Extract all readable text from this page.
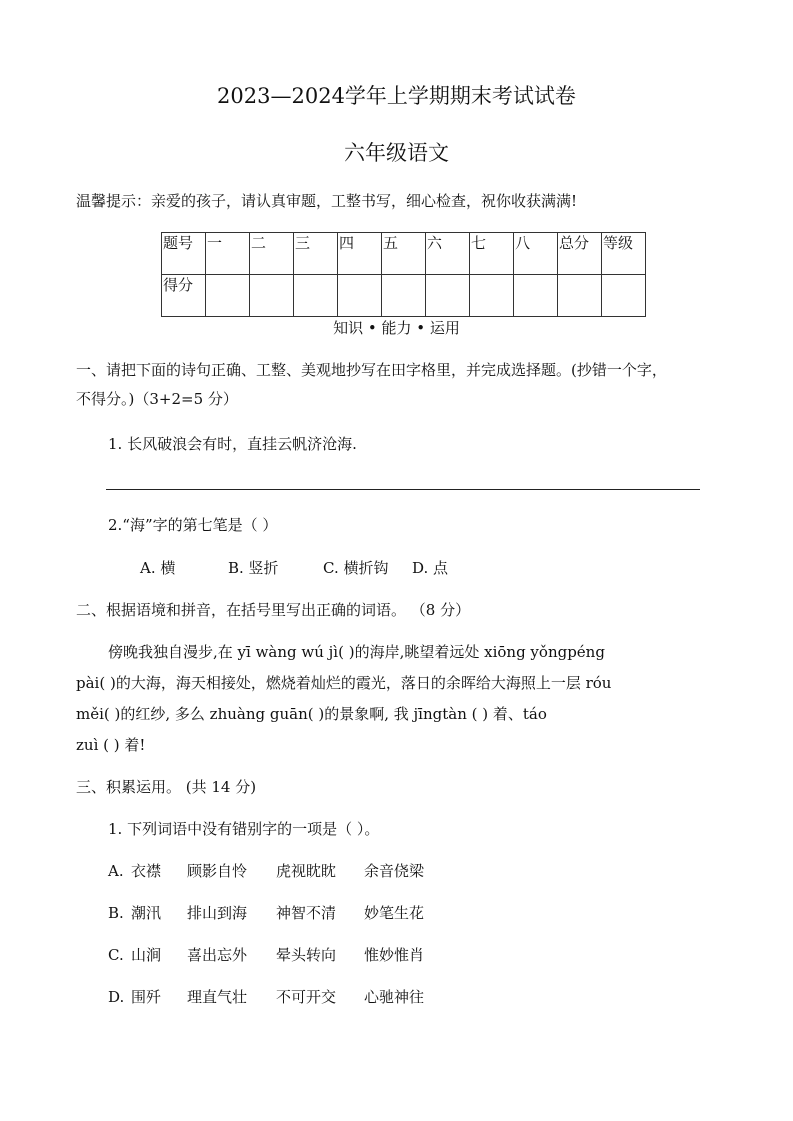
2023—2024学年上学期期末考试试卷
六年级语文
温馨提示：亲爱的孩子，请认真审题，工整书写，细心检查，祝你收获满满!
题号	一	二	三	四	五	六	七	八	总分	等级
得分										
知识 • 能力 • 运用
一、请把下面的诗句正确、工整、美观地抄写在田字格里，并完成选择题。(抄错一个字，
不得分。)（3+2=5 分）
1. 长风破浪会有时，直挂云帆济沧海.
2.“海”字的第七笔是（ ）
A. 横	B. 竖折	C. 横折钩 D. 点
二、根据语境和拼音，在括号里写出正确的词语。 （8 分）
傍晚我独自漫步,在 yī wàng wú jì( )的海岸,眺望着远处 xiōng yǒngpéng
pài( )的大海，海天相接处，燃烧着灿烂的霞光，落日的余晖给大海照上一层 róu
měi( )的红纱, 多么 zhuàng guān( )的景象啊, 我 jīngtàn ( ) 着、táo
zuì ( ) 着!
三、积累运用。 (共 14 分)
1. 下列词语中没有错别字的一项是（ ）。
A. 衣襟 顾影自怜 虎视眈眈 余音侥梁
B. 潮汛 排山到海 神智不清 妙笔生花
C. 山涧 喜出忘外 晕头转向 惟妙惟肖
D. 围歼 理直气壮 不可开交 心驰神往
